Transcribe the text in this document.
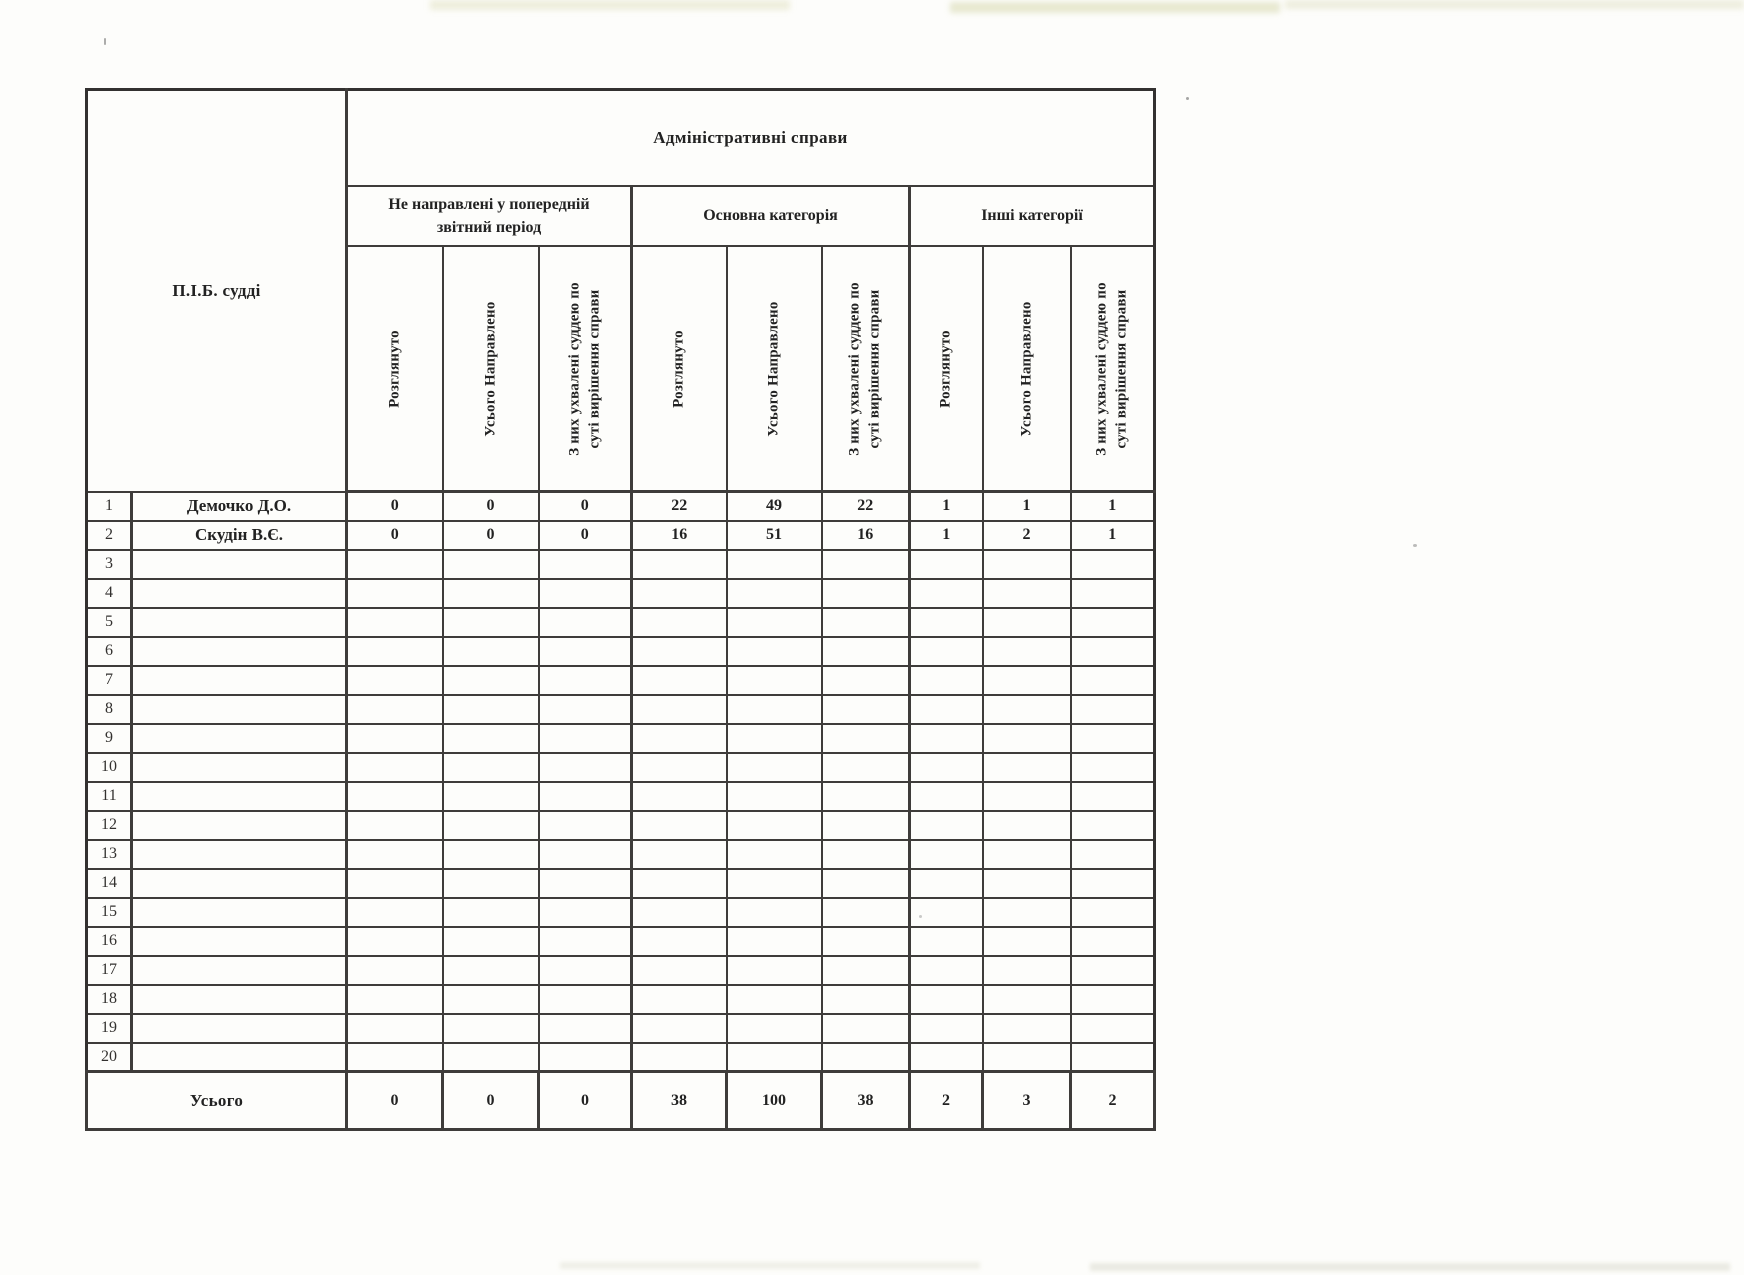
П.І.Б. судді		Адміністративні справи								
		Не направлені у попередній звітний період			Основна категорія			Інші категорії		

		Розглянуто	Усього Направлено	З них ухвалені суддею по суті вирішення справи	Розглянуто	Усього Направлено	З них ухвалені суддею по суті вирішення справи	Розглянуто	Усього Направлено	З них ухвалені суддею по суті вирішення справи

1	Демочко Д.О.	0	0	0	22	49	22	1	1	1
2	Скудін В.Є.	0	0	0	16	51	16	1	2	1
3										
4										
5										
6										
7										
8										
9										
10										
11										
12										
13										
14										
15										
16										
17										
18										
19										
20										
Усього		0	0	0	38	100	38	2	3	2
